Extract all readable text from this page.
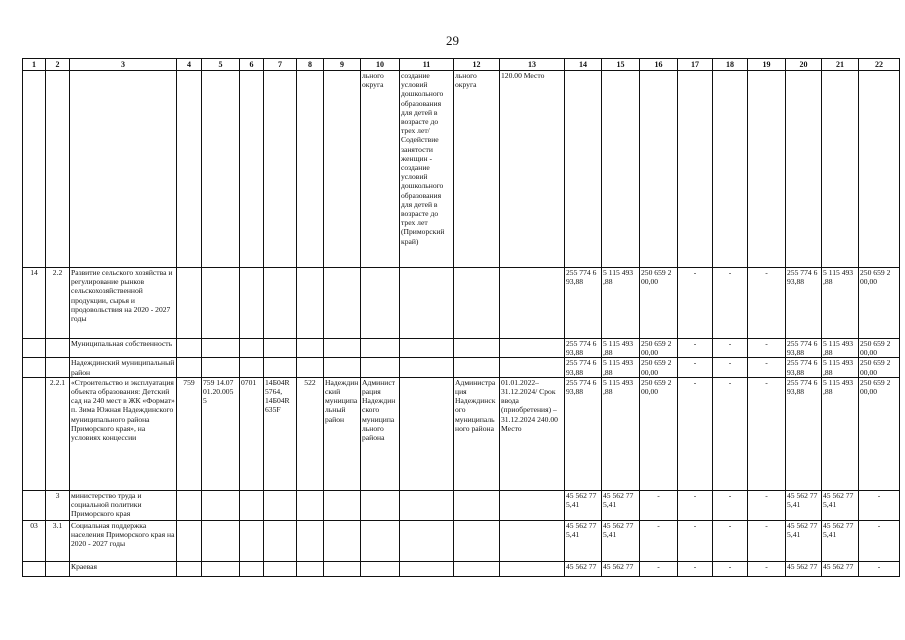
29
1	2	3	4	5	6	7	8	9	10	11	12	13	14	15	16	17	18	19	20	21	22
									льного округа	создание условий дошкольного образования для детей в возрасте до трех лет/Содействие занятости женщин - создание условий дошкольного образования для детей в возрасте до трех лет (Приморский край)	льного округа	120.00 Место									
14	2.2	Развитие сельского хозяйства и регулирование рынков сельскохозяйственной продукции, сырья и продовольствия на 2020 - 2027 годы											255 774 6 93,88	5 115 493 ,88	250 659 2 00,00	-	-	-	255 774 6 93,88	5 115 493 ,88	250 659 2 00,00
		Муниципальная собственность											255 774 6 93,88	5 115 493 ,88	250 659 2 00,00	-	-	-	255 774 6 93,88	5 115 493 ,88	250 659 2 00,00
		Надеждинский муниципальный район											255 774 6 93,88	5 115 493 ,88	250 659 2 00,00	-	-	-	255 774 6 93,88	5 115 493 ,88	250 659 2 00,00
	2.2.1	«Строительство и эксплуатация объекта образования: Детский сад на 240 мест в ЖК «Формат» п. Зима Южная Надеждинского муниципального района Приморского края», на условиях концессии	759	759 14.07 01.20.005 5	0701	14Б04R 5764, 14Б04R 635F	522	Надеждинский муниципальный район	Администрация Надеждинского муниципального района		Администрация Надеждинского муниципального района	01.01.2022–31.12.2024/ Срок ввода (приобретения) – 31.12.2024 240.00 Место	255 774 6 93,88	5 115 493 ,88	250 659 2 00,00	-	-	-	255 774 6 93,88	5 115 493 ,88	250 659 2 00,00
	3	министерство труда и социальной политики Приморского края											45 562 77 5,41	45 562 77 5,41	-	-	-	-	45 562 77 5,41	45 562 77 5,41	-
03	3.1	Социальная поддержка населения Приморского края на 2020 - 2027 годы											45 562 77 5,41	45 562 77 5,41	-	-	-	-	45 562 77 5,41	45 562 77 5,41	-
		Краевая											45 562 77	45 562 77	-	-	-	-	45 562 77	45 562 77	-
